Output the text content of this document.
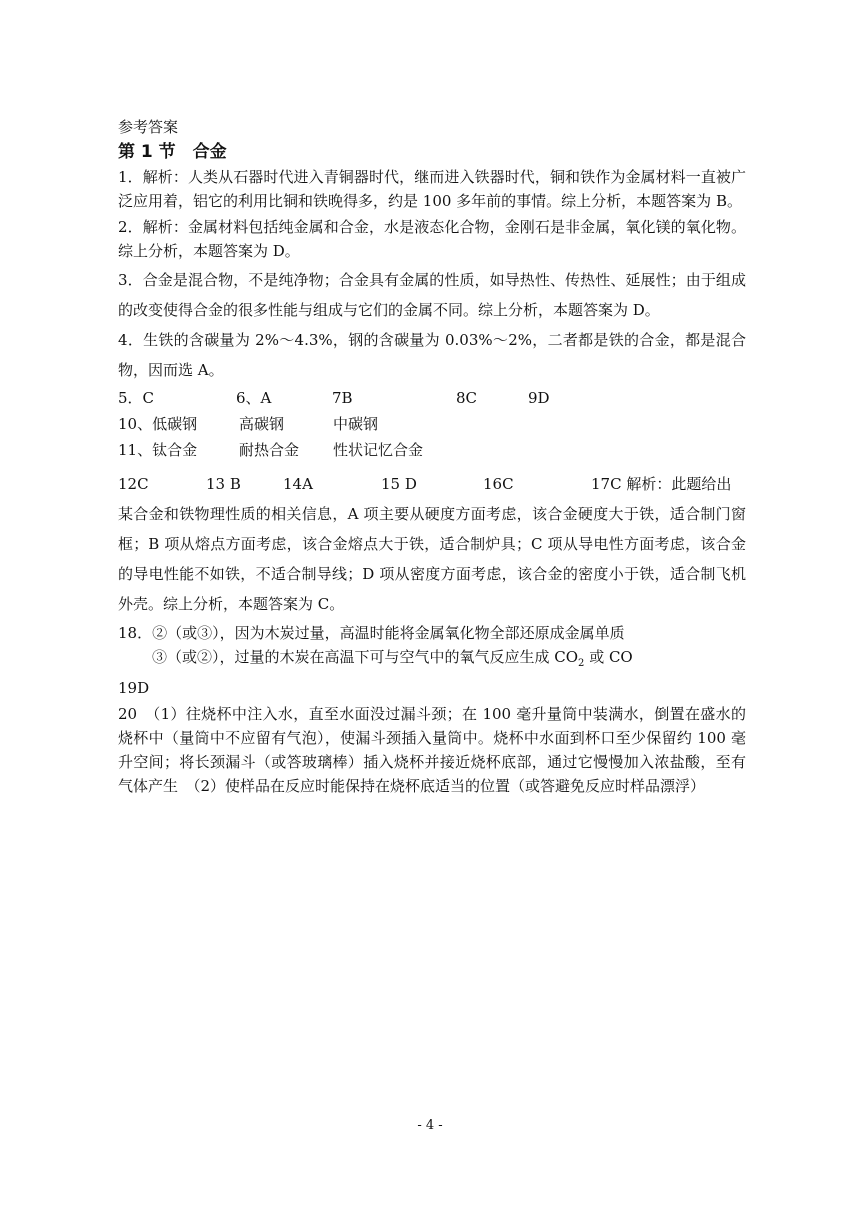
参考答案
第 1 节　合金
1．解析：人类从石器时代进入青铜器时代，继而进入铁器时代，铜和铁作为金属材料一直被广泛应用着，铝它的利用比铜和铁晚得多，约是 100 多年前的事情。综上分析，本题答案为 B。
2．解析：金属材料包括纯金属和合金，水是液态化合物，金刚石是非金属，氧化镁的氧化物。综上分析，本题答案为 D。
3．合金是混合物，不是纯净物；合金具有金属的性质，如导热性、传热性、延展性；由于组成的改变使得合金的很多性能与组成与它们的金属不同。综上分析，本题答案为 D。
4．生铁的含碳量为 2%～4.3%，钢的含碳量为 0.03%～2%，二者都是铁的合金，都是混合物，因而选 A。
5．C	6、A	7B	8C	9D
10、低碳钢	高碳钢	中碳钢
11、钛合金	耐热合金	性状记忆合金
12C	13 B	14A	15 D	16C	17C 解析：此题给出
某合金和铁物理性质的相关信息，A 项主要从硬度方面考虑，该合金硬度大于铁，适合制门窗框；B 项从熔点方面考虑，该合金熔点大于铁，适合制炉具；C 项从导电性方面考虑，该合金的导电性能不如铁，不适合制导线；D 项从密度方面考虑，该合金的密度小于铁，适合制飞机外壳。综上分析，本题答案为 C。
18．②（或③），因为木炭过量，高温时能将金属氧化物全部还原成金属单质
③（或②），过量的木炭在高温下可与空气中的氧气反应生成 $CO_2$ 或 CO
19D
20　（1）往烧杯中注入水，直至水面没过漏斗颈；在 100 毫升量筒中装满水，倒置在盛水的烧杯中（量筒中不应留有气泡），使漏斗颈插入量筒中。烧杯中水面到杯口至少保留约 100 毫升空间；将长颈漏斗（或答玻璃棒）插入烧杯并接近烧杯底部，通过它慢慢加入浓盐酸，至有气体产生　（2）使样品在反应时能保持在烧杯底适当的位置（或答避免反应时样品漂浮）
- 4 -
